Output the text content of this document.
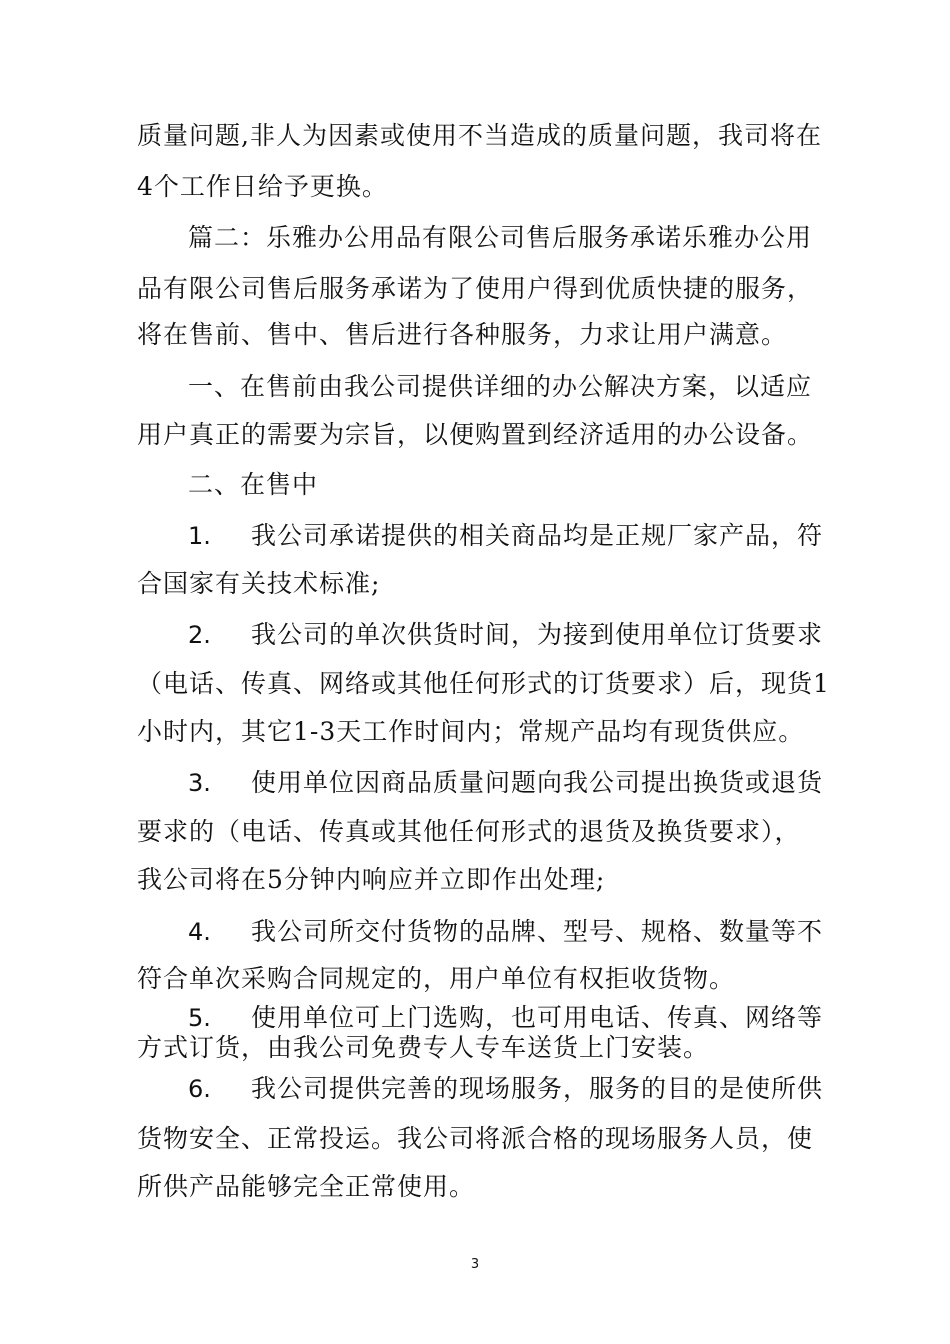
质量问题,非人为因素或使用不当造成的质量问题，我司将在
4个工作日给予更换。
篇二：乐雅办公用品有限公司售后服务承诺乐雅办公用
品有限公司售后服务承诺为了使用户得到优质快捷的服务，
将在售前、售中、售后进行各种服务，力求让用户满意。
一、在售前由我公司提供详细的办公解决方案，以适应
用户真正的需要为宗旨，以便购置到经济适用的办公设备。
二、在售中
1. 我公司承诺提供的相关商品均是正规厂家产品，符
合国家有关技术标准;
2. 我公司的单次供货时间，为接到使用单位订货要求
（电话、传真、网络或其他任何形式的订货要求）后，现货1
小时内，其它1-3天工作时间内；常规产品均有现货供应。
3. 使用单位因商品质量问题向我公司提出换货或退货
要求的（电话、传真或其他任何形式的退货及换货要求），
我公司将在5分钟内响应并立即作出处理;
4. 我公司所交付货物的品牌、型号、规格、数量等不
符合单次采购合同规定的，用户单位有权拒收货物。
5. 使用单位可上门选购，也可用电话、传真、网络等
方式订货，由我公司免费专人专车送货上门安装。
6. 我公司提供完善的现场服务，服务的目的是使所供
货物安全、正常投运。我公司将派合格的现场服务人员，使
所供产品能够完全正常使用。
3
